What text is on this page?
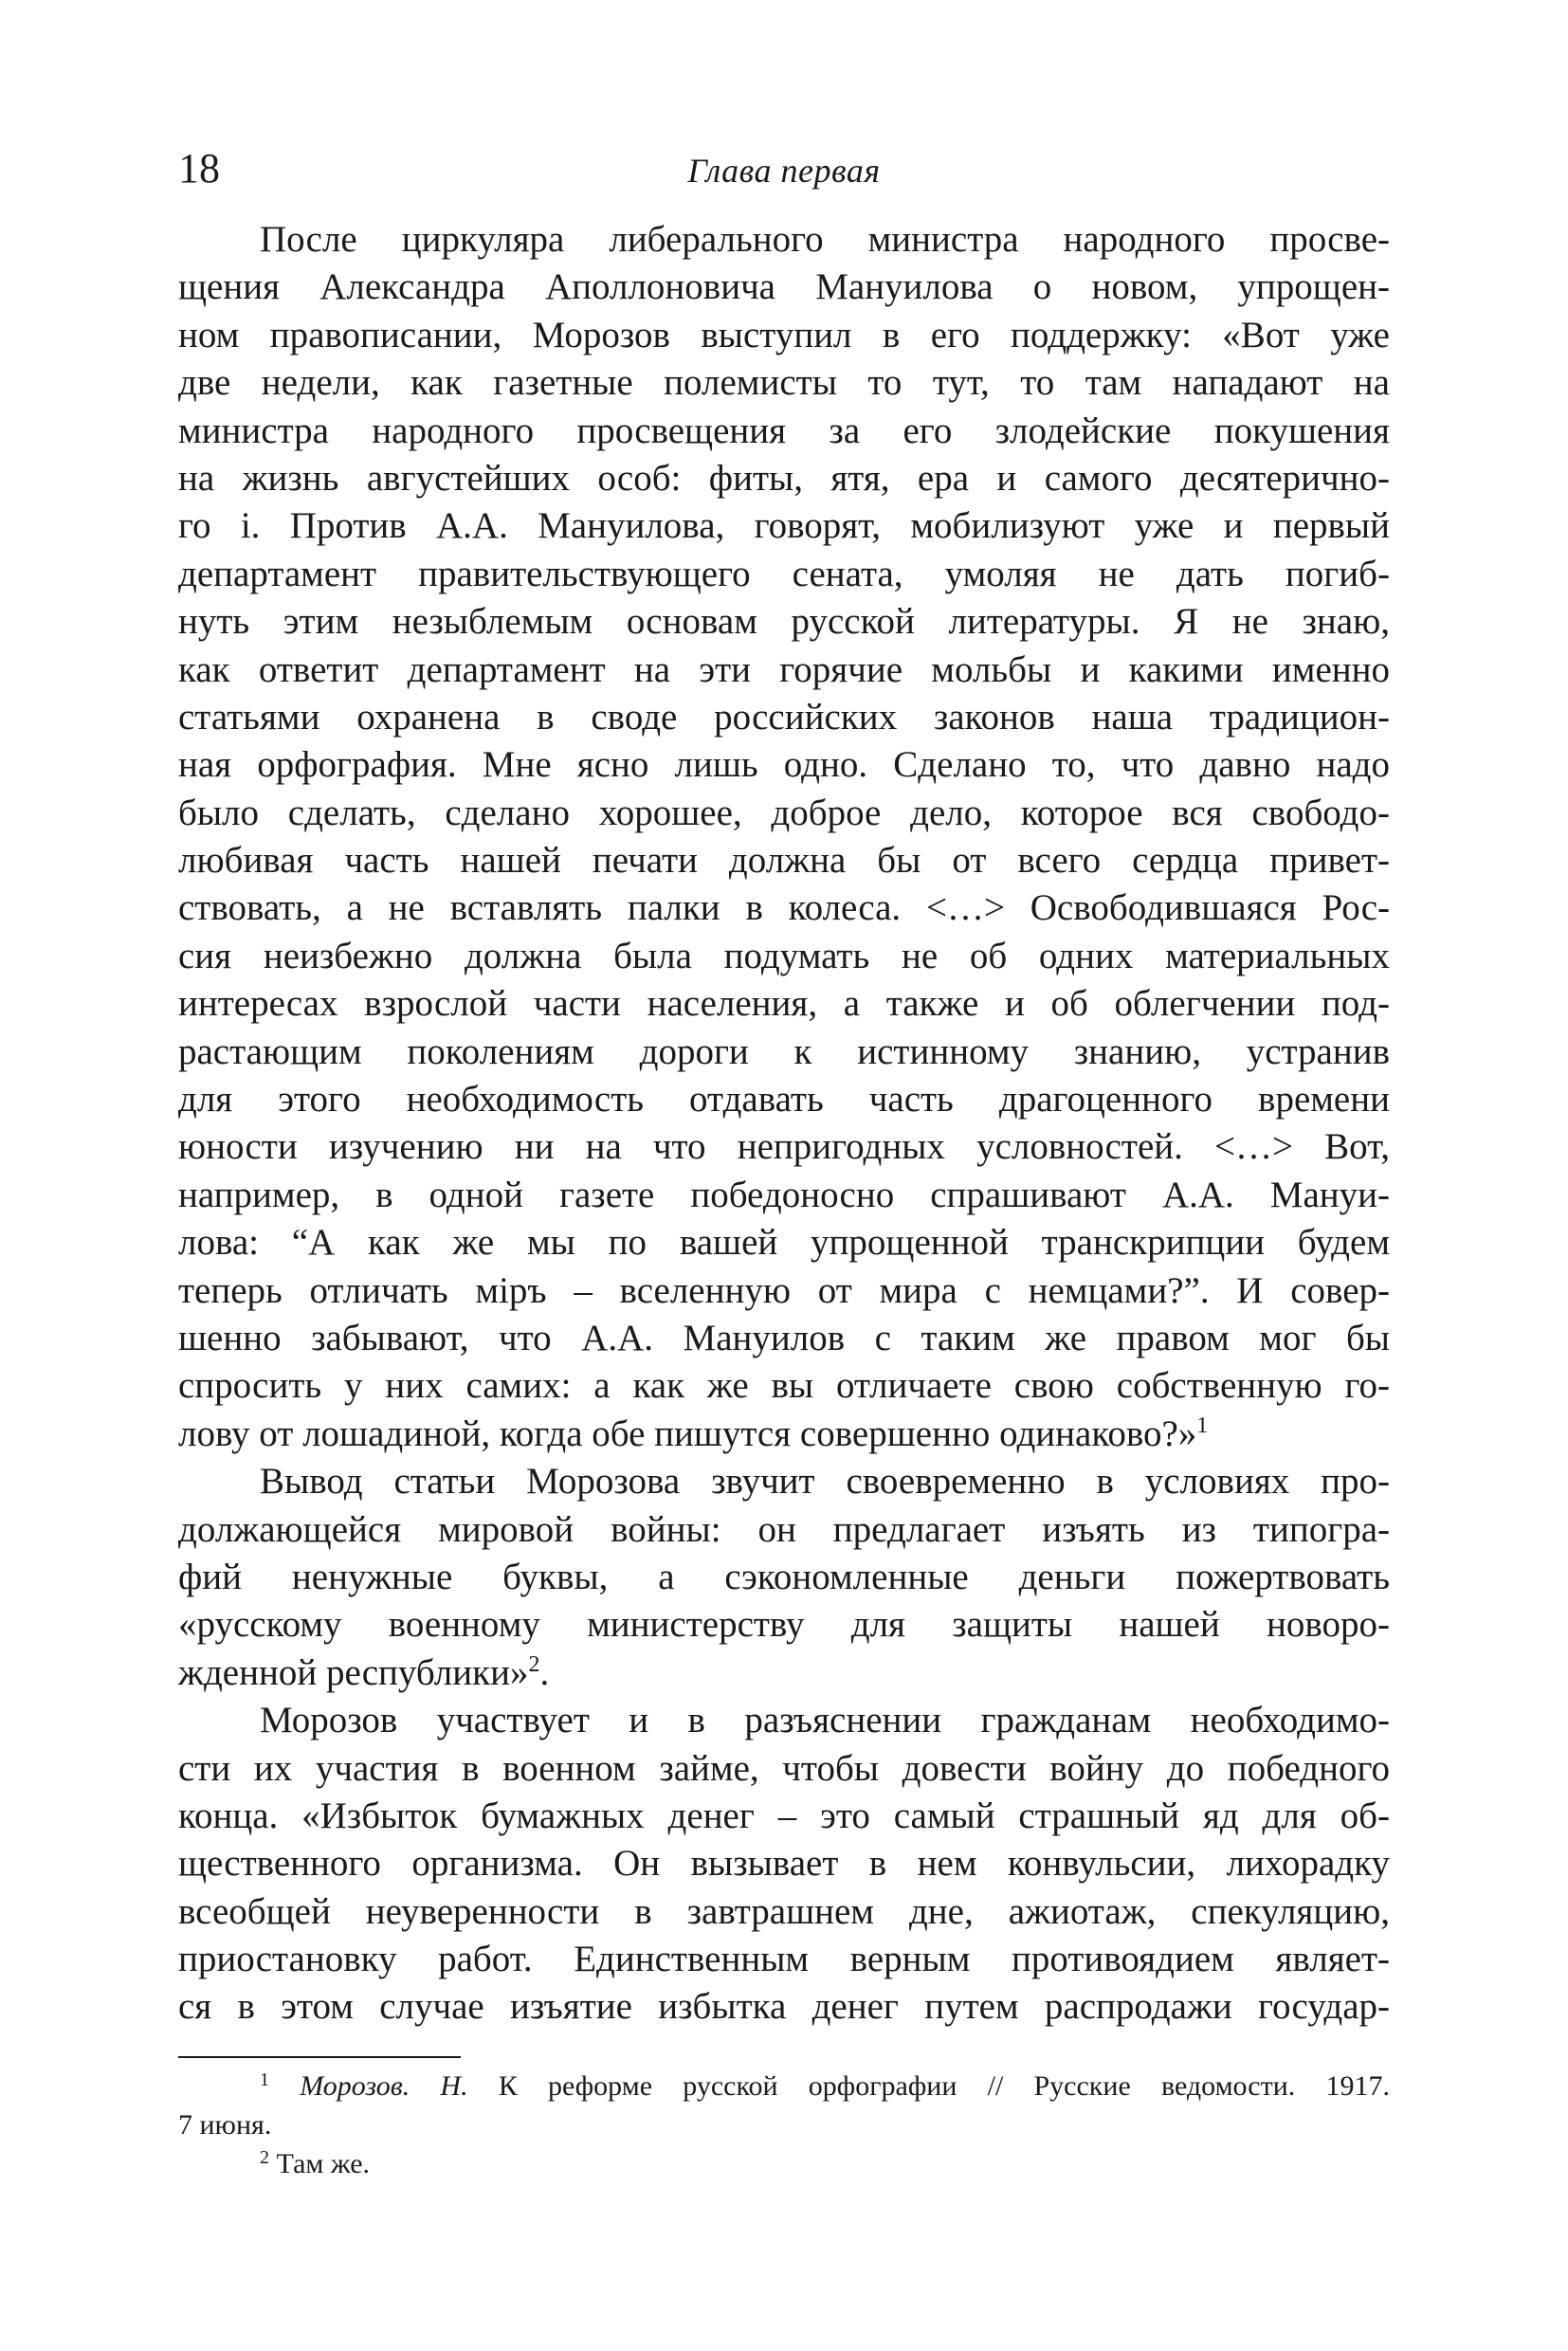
18	Глава первая
После циркуляра либерального министра народного просве-
щения Александра Аполлоновича Мануилова о новом, упрощен-
ном правописании, Морозов выступил в его поддержку: «Вот уже
две недели, как газетные полемисты то тут, то там нападают на
министра народного просвещения за его злодейские покушения
на жизнь августейших особ: фиты, ятя, ера и самого десятерично-
го і. Против А.А. Мануилова, говорят, мобилизуют уже и первый
департамент правительствующего сената, умоляя не дать погиб-
нуть этим незыблемым основам русской литературы. Я не знаю,
как ответит департамент на эти горячие мольбы и какими именно
статьями охранена в своде российских законов наша традицион-
ная орфография. Мне ясно лишь одно. Сделано то, что давно надо
было сделать, сделано хорошее, доброе дело, которое вся свободо-
любивая часть нашей печати должна бы от всего сердца привет-
ствовать, а не вставлять палки в колеса. <…> Освободившаяся Рос-
сия неизбежно должна была подумать не об одних материальных
интересах взрослой части населения, а также и об облегчении под-
растающим поколениям дороги к истинному знанию, устранив
для этого необходимость отдавать часть драгоценного времени
юности изучению ни на что непригодных условностей. <…> Вот,
например, в одной газете победоносно спрашивают А.А. Мануи-
лова: “А как же мы по вашей упрощенной транскрипции будем
теперь отличать міръ – вселенную от мира с немцами?”. И совер-
шенно забывают, что А.А. Мануилов с таким же правом мог бы
спросить у них самих: а как же вы отличаете свою собственную го-
лову от лошадиной, когда обе пишутся совершенно одинаково?»$^1$
Вывод статьи Морозова звучит своевременно в условиях про-
должающейся мировой войны: он предлагает изъять из типогра-
фий ненужные буквы, а сэкономленные деньги пожертвовать
«русскому военному министерству для защиты нашей новоро-
жденной республики»$^2$.
Морозов участвует и в разъяснении гражданам необходимо-
сти их участия в военном займе, чтобы довести войну до победного
конца. «Избыток бумажных денег – это самый страшный яд для об-
щественного организма. Он вызывает в нем конвульсии, лихорадку
всеобщей неуверенности в завтрашнем дне, ажиотаж, спекуляцию,
приостановку работ. Единственным верным противоядием являет-
ся в этом случае изъятие избытка денег путем распродажи государ-
$^1$ Морозов. Н. К реформе русской орфографии // Русские ведомости. 1917.
7 июня.
$^2$ Там же.
